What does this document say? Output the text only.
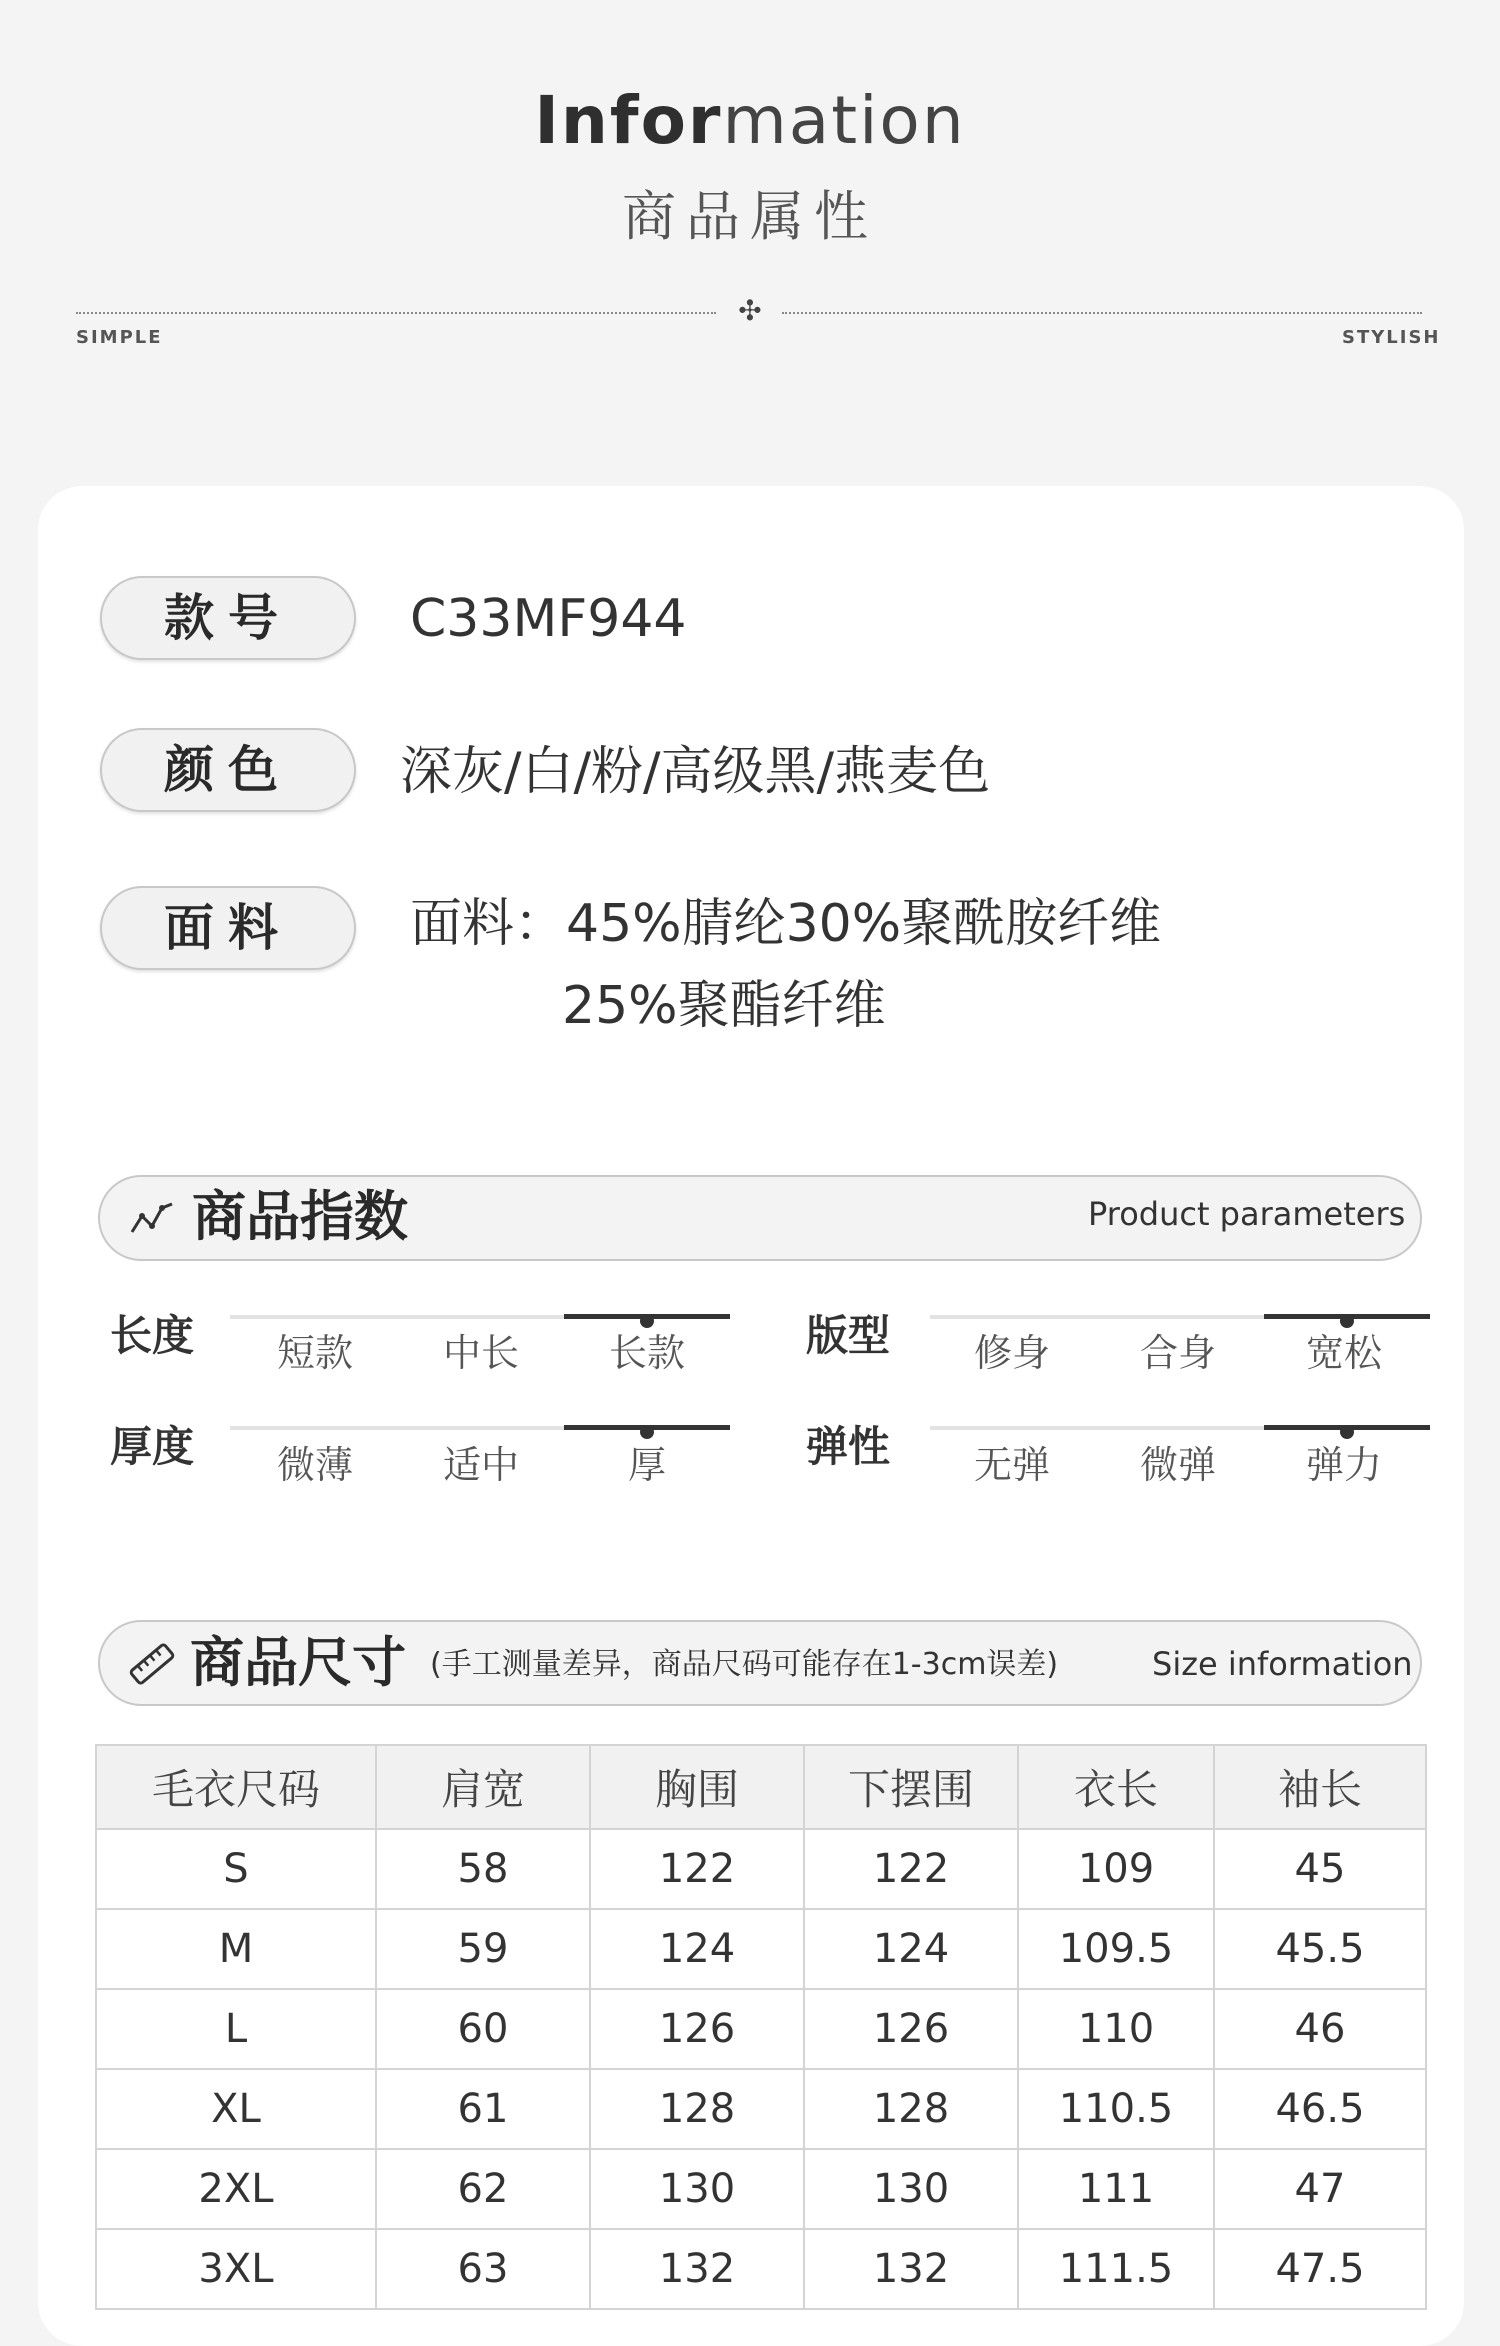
Information
商品属性
✣
SIMPLE	STYLISH
款号	C33MF944
颜色	深灰/白/粉/高级黑/燕麦色
面料	面料：45%腈纶30%聚酰胺纤维
25%聚酯纤维
商品指数	Product parameters
长度	短款	中长	长款	版型	修身	合身	宽松
厚度	微薄	适中	厚	弹性	无弹	微弹	弹力
商品尺寸 (手工测量差异，商品尺码可能存在1-3cm误差)	Size information
毛衣尺码	肩宽	胸围	下摆围	衣长	袖长
S	58	122	122	109	45
M	59	124	124	109.5	45.5
L	60	126	126	110	46
XL	61	128	128	110.5	46.5
2XL	62	130	130	111	47
3XL	63	132	132	111.5	47.5
